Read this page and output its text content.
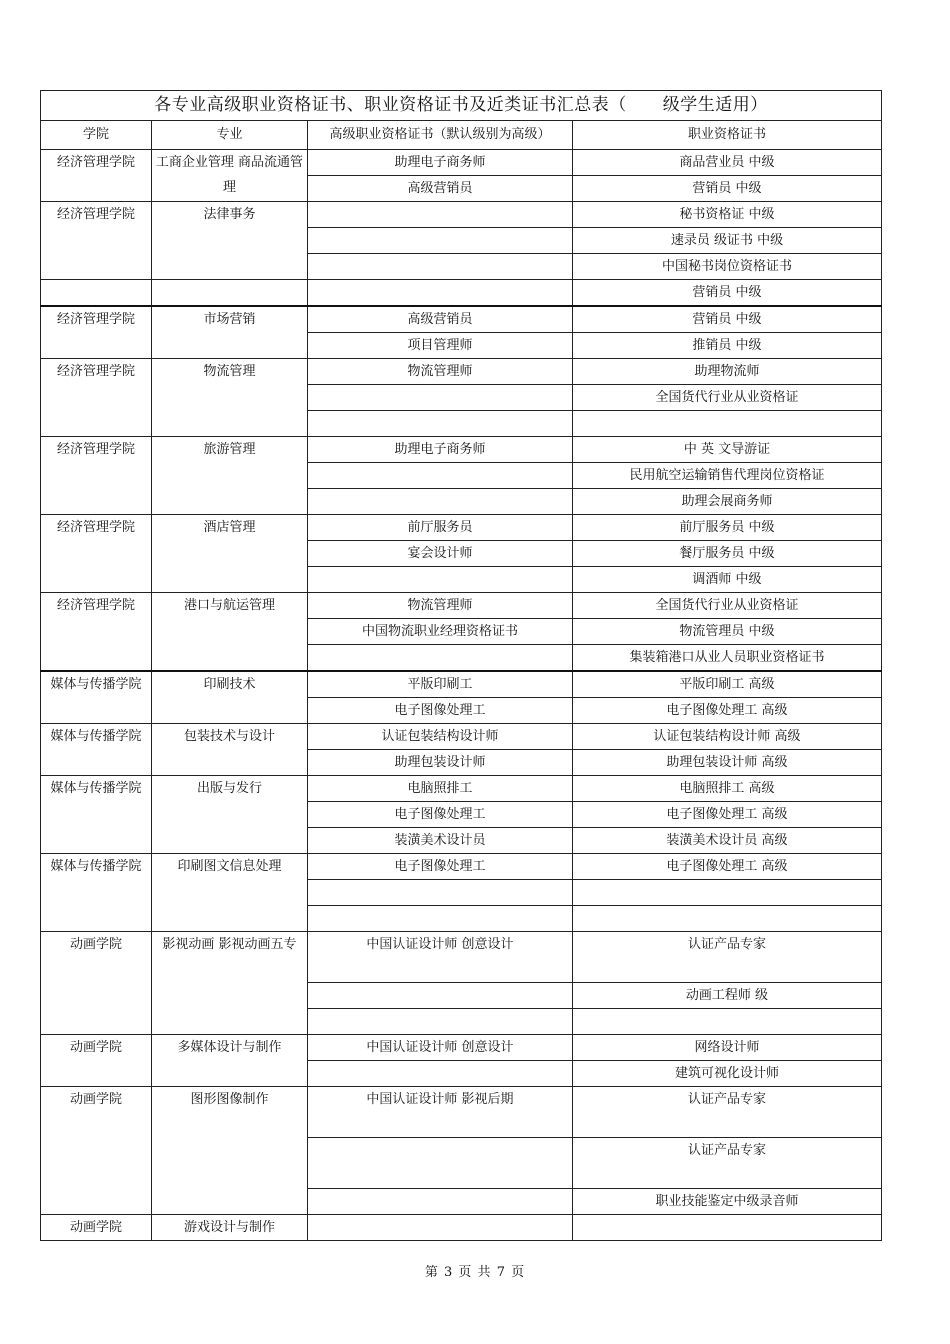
各专业高级职业资格证书、职业资格证书及近类证书汇总表（ 级学生适用）			
学院	专业	高级职业资格证书（默认级别为高级）	职业资格证书
经济管理学院	工商企业管理 商品流通管理	助理电子商务师	商品营业员 中级
		高级营销员	营销员 中级
经济管理学院	法律事务		秘书资格证 中级
			速录员 级证书 中级
			中国秘书岗位资格证书
			营销员 中级
经济管理学院	市场营销	高级营销员	营销员 中级
		项目管理师	推销员 中级
经济管理学院	物流管理	物流管理师	助理物流师
			全国货代行业从业资格证

经济管理学院	旅游管理	助理电子商务师	中 英 文导游证
			民用航空运输销售代理岗位资格证
			助理会展商务师
经济管理学院	酒店管理	前厅服务员	前厅服务员 中级
		宴会设计师	餐厅服务员 中级
			调酒师 中级
经济管理学院	港口与航运管理	物流管理师	全国货代行业从业资格证
		中国物流职业经理资格证书	物流管理员 中级
			集装箱港口从业人员职业资格证书
媒体与传播学院	印刷技术	平版印刷工	平版印刷工 高级
		电子图像处理工	电子图像处理工 高级
媒体与传播学院	包装技术与设计	认证包装结构设计师	认证包装结构设计师 高级
		助理包装设计师	助理包装设计师 高级
媒体与传播学院	出版与发行	电脑照排工	电脑照排工 高级
		电子图像处理工	电子图像处理工 高级
		装潢美术设计员	装潢美术设计员 高级
媒体与传播学院	印刷图文信息处理	电子图像处理工	电子图像处理工 高级

动画学院	影视动画 影视动画五专	中国认证设计师 创意设计	认证产品专家
			动画工程师 级

动画学院	多媒体设计与制作	中国认证设计师 创意设计	网络设计师
			建筑可视化设计师
动画学院	图形图像制作	中国认证设计师 影视后期	认证产品专家
			认证产品专家
			职业技能鉴定中级录音师
动画学院	游戏设计与制作		
第 3 页 共 7 页
